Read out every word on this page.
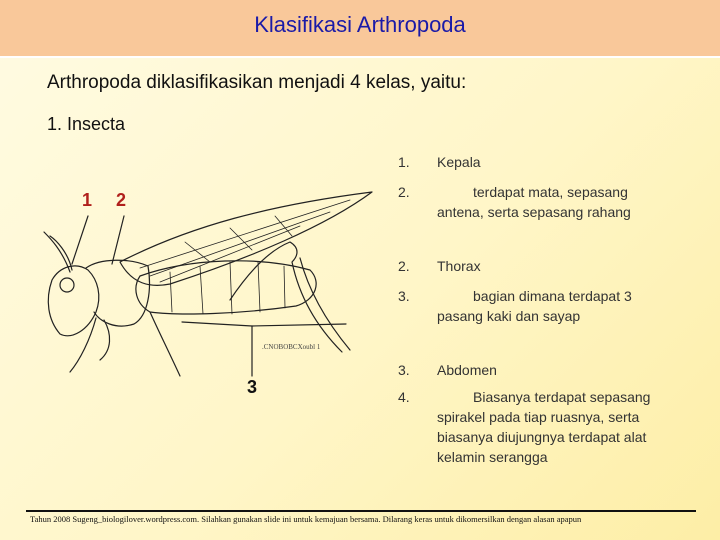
Klasifikasi Arthropoda
Arthropoda diklasifikasikan menjadi 4 kelas, yaitu:
1. Insecta
.CNOBOBCXoubl 1
1 2
3
1. Kepala
2.	terdapat mata, sepasang antena, serta sepasang rahang
2. Thorax
3.	bagian dimana terdapat 3 pasang kaki dan sayap
3. Abdomen
4.	Biasanya terdapat sepasang spirakel pada tiap ruasnya, serta biasanya diujungnya terdapat alat kelamin serangga
Tahun 2008 Sugeng_biologilover.wordpress.com. Silahkan gunakan slide ini untuk kemajuan bersama. Dilarang keras untuk dikomersilkan dengan alasan apapun
